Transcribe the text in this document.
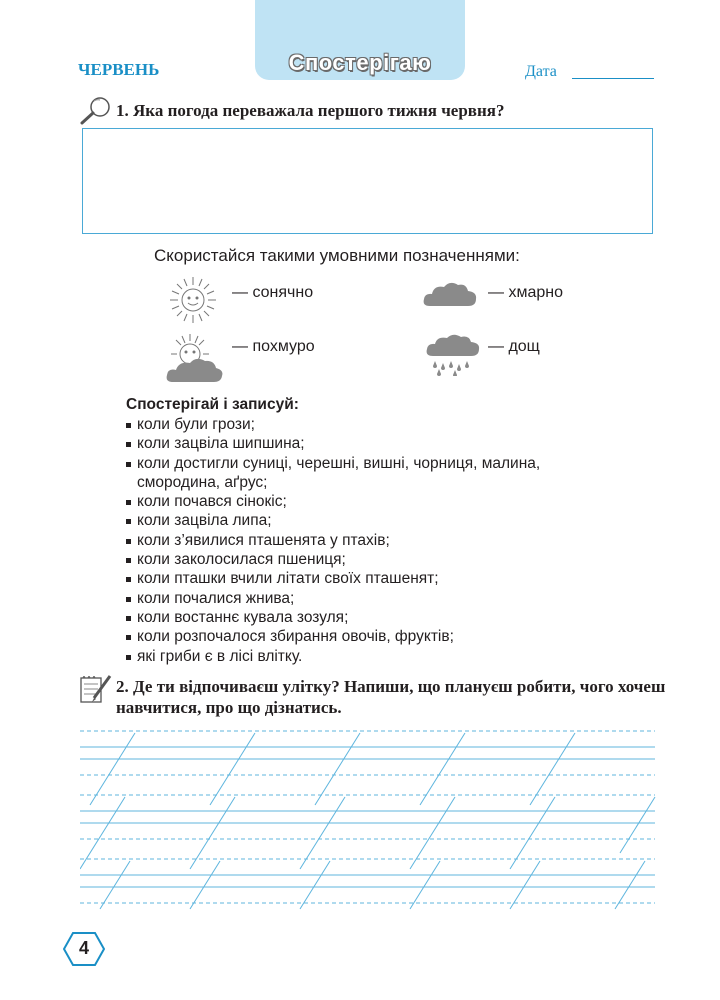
Спостерігаю
ЧЕРВЕНЬ	Дата
1. Яка погода переважала першого тижня червня?
Скористайся такими умовними позначеннями:
— сонячно	— хмарно
— похмуро	— дощ
Спостерігай і записуй:
коли були грози;
коли зацвіла шипшина;
коли достигли суниці, черешні, вишні, чорниця, малина, смородина, аґрус;
коли почався сінокіс;
коли зацвіла липа;
коли з’явилися пташенята у птахів;
коли заколосилася пшениця;
коли пташки вчили літати своїх пташенят;
коли почалися жнива;
коли востаннє кувала зозуля;
коли розпочалося збирання овочів, фруктів;
які гриби є в лісі влітку.
2. Де ти відпочиваєш улітку? Напиши, що плануєш робити, чого хочеш навчитися, про що дізнатись.
4
